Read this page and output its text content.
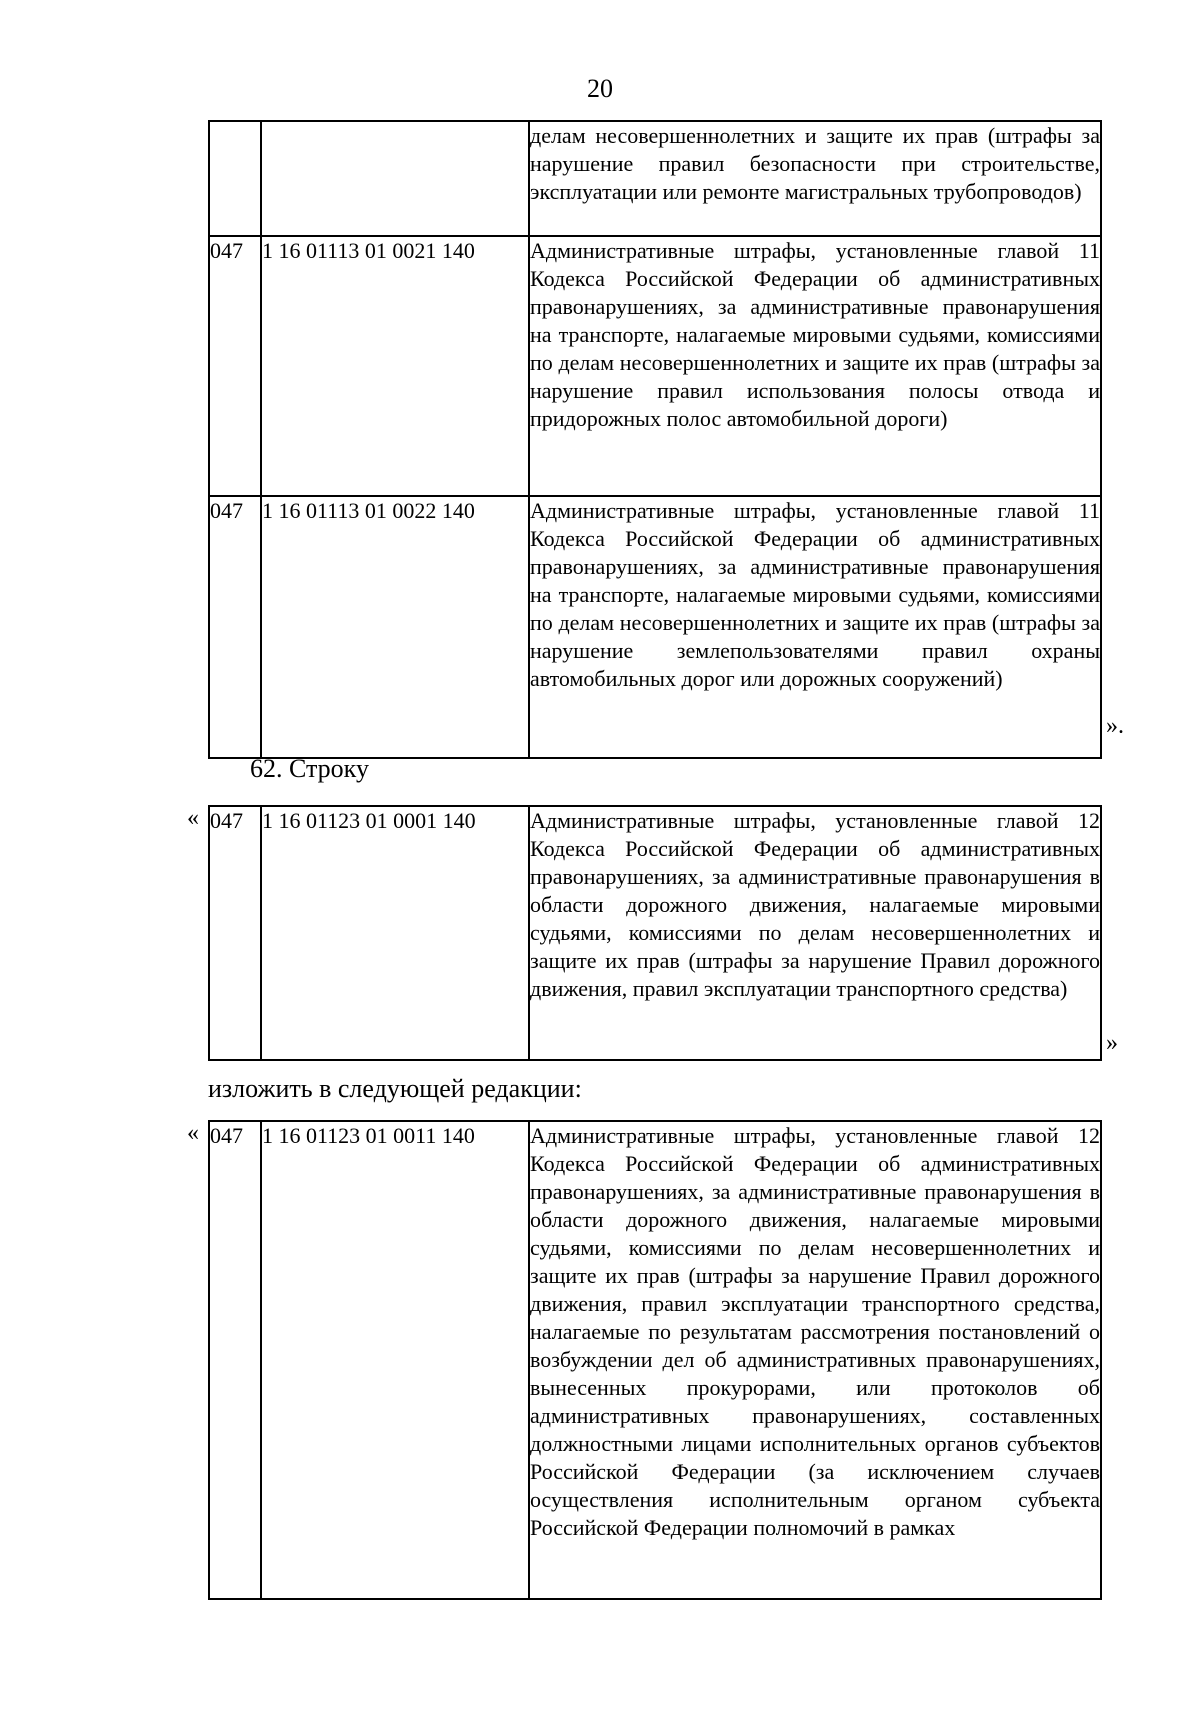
20
		делам несовершеннолетних и защите их прав (штрафы за нарушение правил безопасности при строительстве, эксплуатации или ремонте магистральных трубопроводов)
047	1 16 01113 01 0021 140	Административные штрафы, установленные главой 11 Кодекса Российской Федерации об административных правонарушениях, за административные правонарушения на транспорте, налагаемые мировыми судьями, комиссиями по делам несовершеннолетних и защите их прав (штрафы за нарушение правил использования полосы отвода и придорожных полос автомобильной дороги)
047	1 16 01113 01 0022 140	Административные штрафы, установленные главой 11 Кодекса Российской Федерации об административных правонарушениях, за административные правонарушения на транспорте, налагаемые мировыми судьями, комиссиями по делам несовершеннолетних и защите их прав (штрафы за нарушение землепользователями правил охраны автомобильных дорог или дорожных сооружений)
».
62. Строку
« 047	1 16 01123 01 0001 140	Административные штрафы, установленные главой 12 Кодекса Российской Федерации об административных правонарушениях, за административные правонарушения в области дорожного движения, налагаемые мировыми судьями, комиссиями по делам несовершеннолетних и защите их прав (штрафы за нарушение Правил дорожного движения, правил эксплуатации транспортного средства)
»
изложить в следующей редакции:
« 047	1 16 01123 01 0011 140	Административные штрафы, установленные главой 12 Кодекса Российской Федерации об административных правонарушениях, за административные правонарушения в области дорожного движения, налагаемые мировыми судьями, комиссиями по делам несовершеннолетних и защите их прав (штрафы за нарушение Правил дорожного движения, правил эксплуатации транспортного средства, налагаемые по результатам рассмотрения постановлений о возбуждении дел об административных правонарушениях, вынесенных прокурорами, или протоколов об административных правонарушениях, составленных должностными лицами исполнительных органов субъектов Российской Федерации (за исключением случаев осуществления исполнительным органом субъекта Российской Федерации полномочий в рамках
